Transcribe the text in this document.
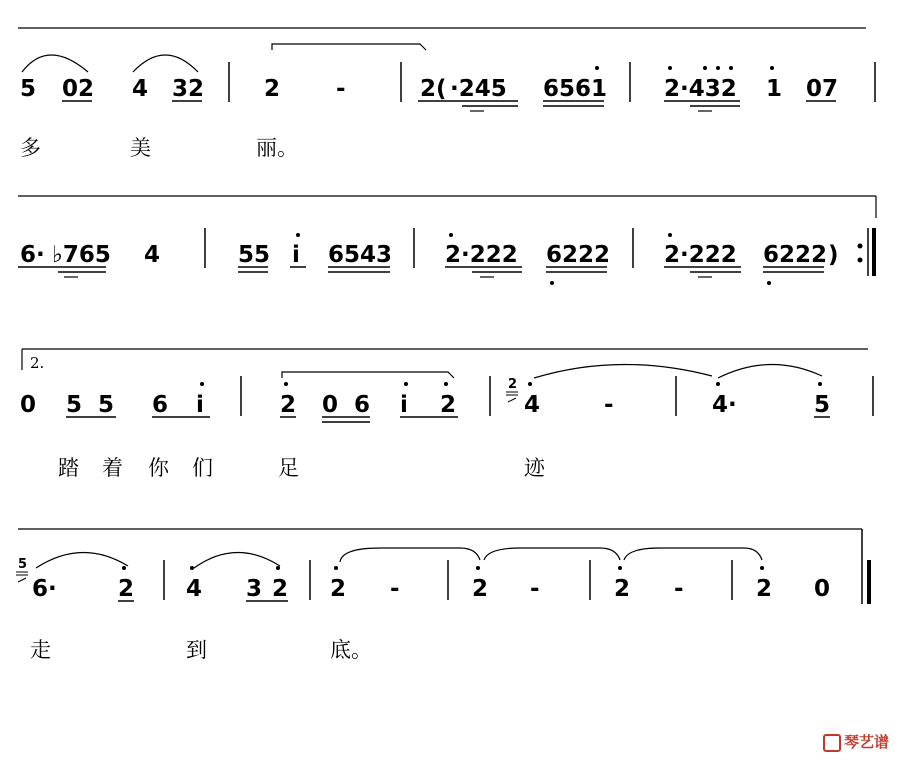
5 02 4 32	2 -	2( ·245 6561 2·432 1 07
6· ♭765 4	55 i 6543 2·222 6222 2·222 6222 )
2.
0 5 5 6 i	2 0 6 i 2
2
4	-	4·	5
5
6·	2 4 3 2 2 -	2 -	2 -	2 0
多	美	丽。
踏 着 你 们	足	迹
走	到	底。
琴艺谱
